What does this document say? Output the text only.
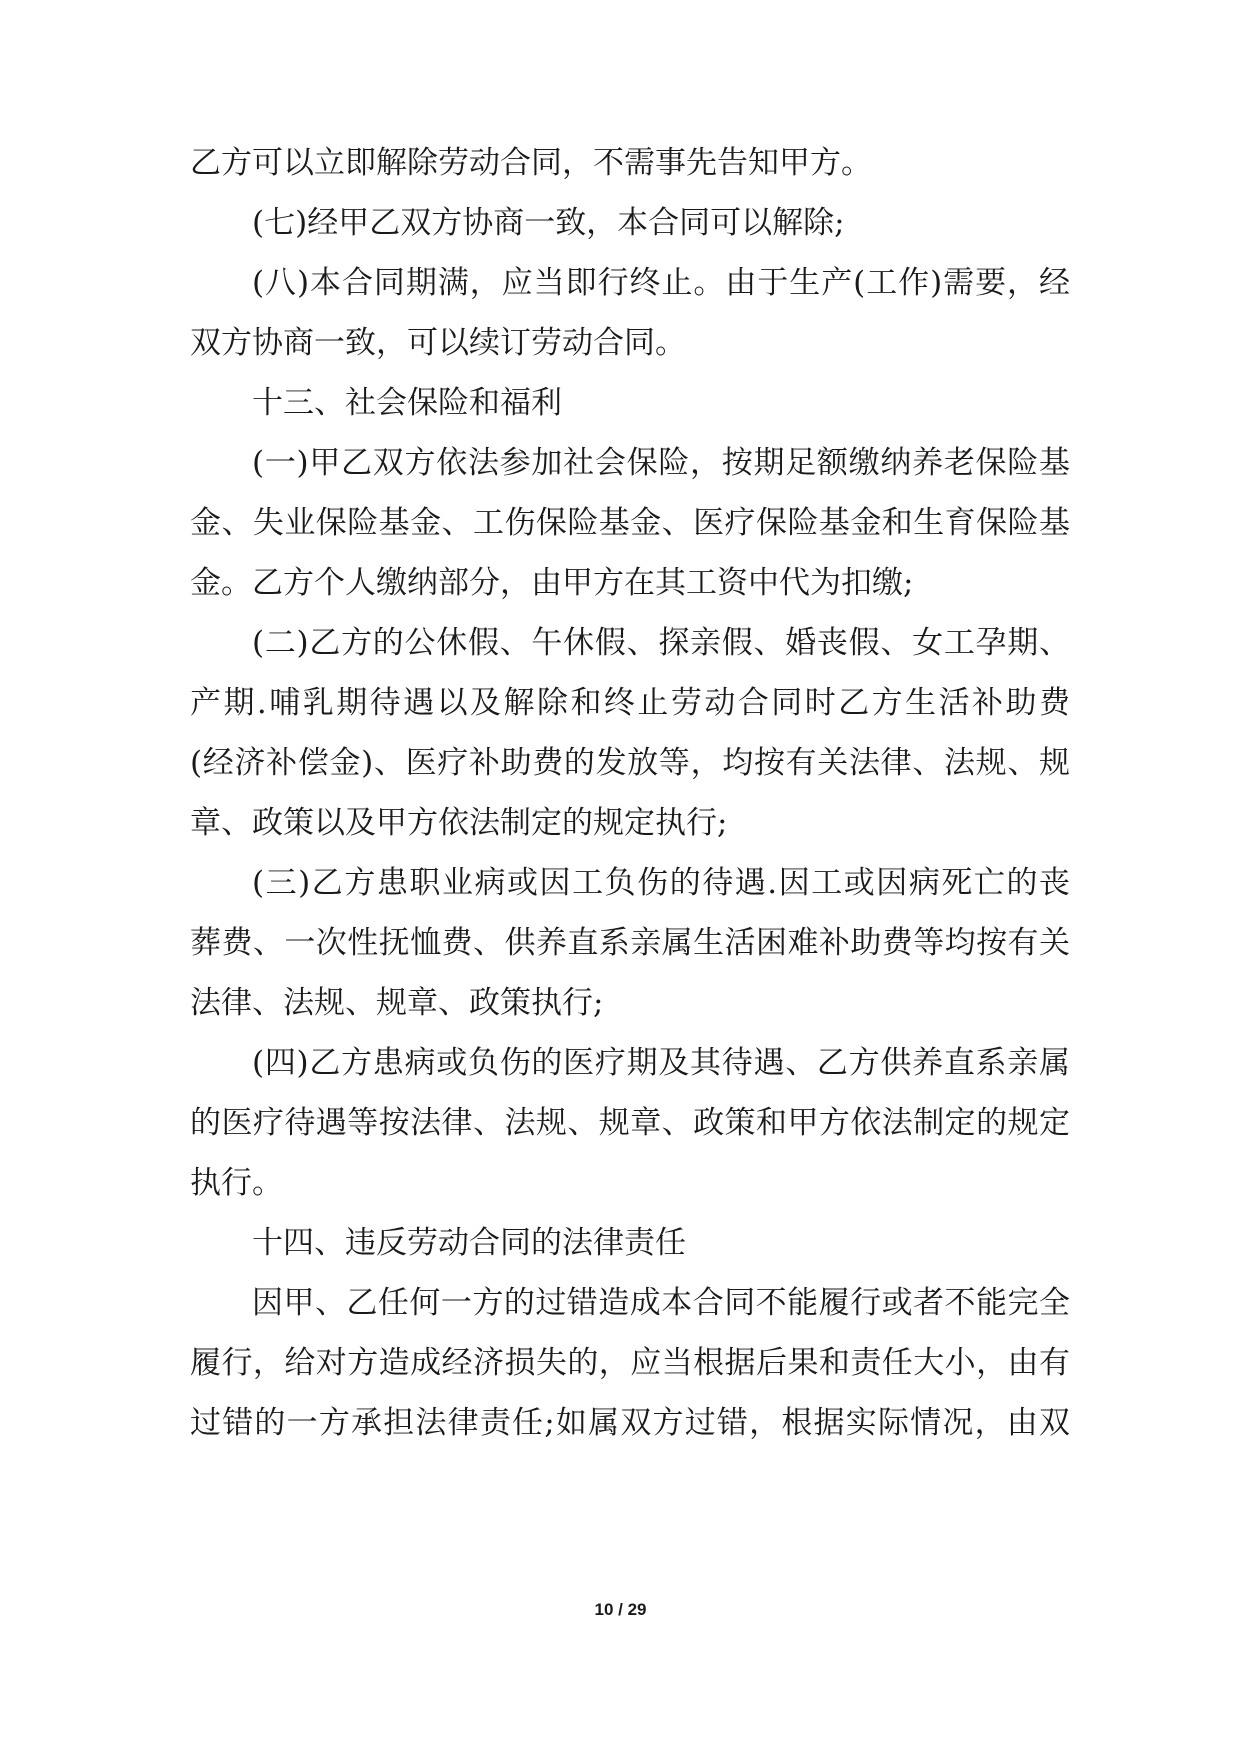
乙方可以立即解除劳动合同，不需事先告知甲方。
(七)经甲乙双方协商一致，本合同可以解除;
(八)本合同期满，应当即行终止。由于生产(工作)需要，经
双方协商一致，可以续订劳动合同。
十三、社会保险和福利
(一)甲乙双方依法参加社会保险，按期足额缴纳养老保险基
金、失业保险基金、工伤保险基金、医疗保险基金和生育保险基
金。乙方个人缴纳部分，由甲方在其工资中代为扣缴;
(二)乙方的公休假、午休假、探亲假、婚丧假、女工孕期、
产期.哺乳期待遇以及解除和终止劳动合同时乙方生活补助费
(经济补偿金)、医疗补助费的发放等，均按有关法律、法规、规
章、政策以及甲方依法制定的规定执行;
(三)乙方患职业病或因工负伤的待遇.因工或因病死亡的丧
葬费、一次性抚恤费、供养直系亲属生活困难补助费等均按有关
法律、法规、规章、政策执行;
(四)乙方患病或负伤的医疗期及其待遇、乙方供养直系亲属
的医疗待遇等按法律、法规、规章、政策和甲方依法制定的规定
执行。
十四、违反劳动合同的法律责任
因甲、乙任何一方的过错造成本合同不能履行或者不能完全
履行，给对方造成经济损失的，应当根据后果和责任大小，由有
过错的一方承担法律责任;如属双方过错，根据实际情况，由双
10 / 29
